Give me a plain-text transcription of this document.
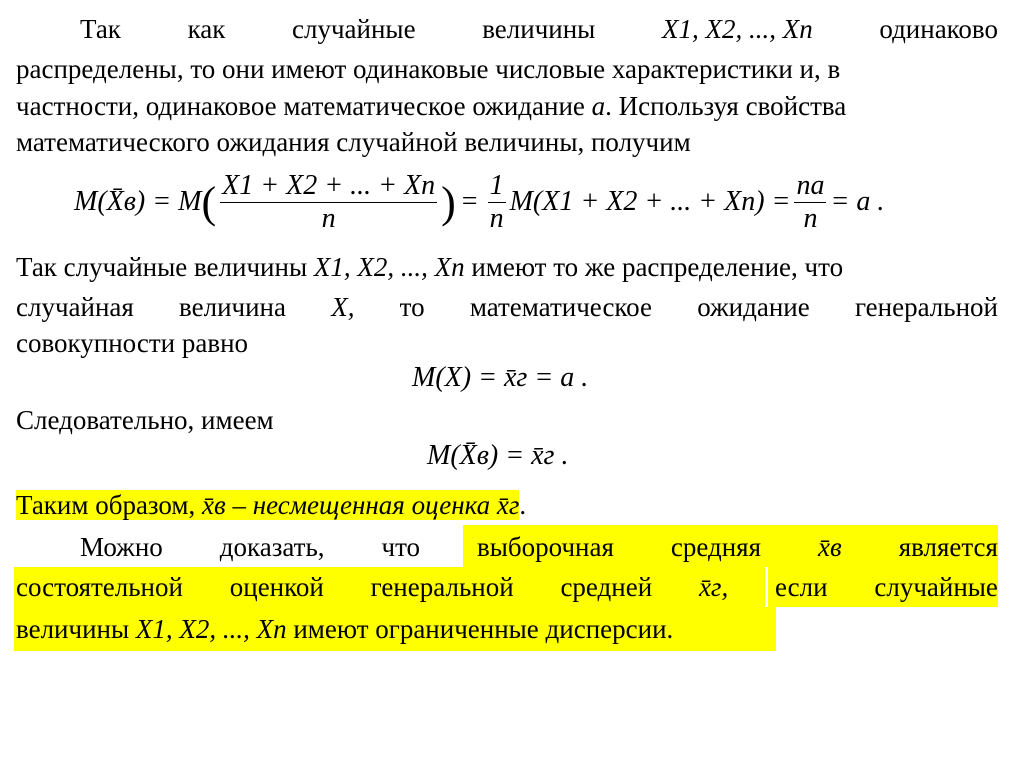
Так как случайные величины X1, X2, ..., Xn одинаково
распределены, то они имеют одинаковые числовые характеристики и, в
частности, одинаковое математическое ожидание a. Используя свойства
математического ожидания случайной величины, получим
M(X̄в) = M ( $\frac{X1 + X2 + ... + Xn}{n}$ ) = $\frac{1}{n} M(X1 + X2$ + ... + $Xn) = \frac{na}{n} = a$ .
Так случайные величины X1, X2, ..., Xn имеют то же распределение, что
случайная величина X, то математическое ожидание генеральной
совокупности равно
M(X) = x̄г = a .
Следовательно, имеем
M(X̄в) = x̄г .
Таким образом, x̄в – несмещенная оценка x̄г.
Можно доказать, что выборочная средняя x̄в является
состоятельной оценкой генеральной средней x̄г, если случайные
величины X1, X2, ..., Xn имеют ограниченные дисперсии.
